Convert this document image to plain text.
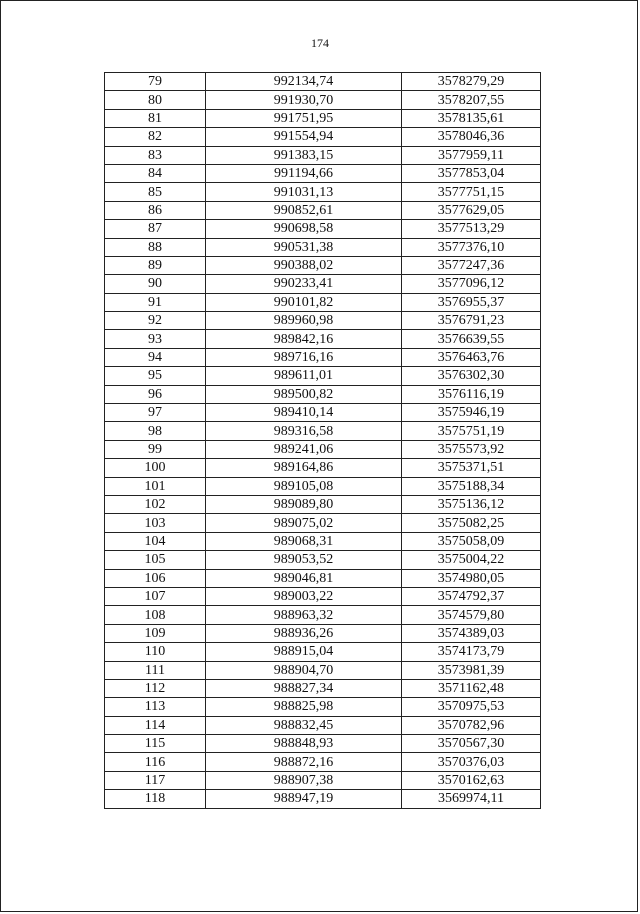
174
79	992134,74	3578279,29
80	991930,70	3578207,55
81	991751,95	3578135,61
82	991554,94	3578046,36
83	991383,15	3577959,11
84	991194,66	3577853,04
85	991031,13	3577751,15
86	990852,61	3577629,05
87	990698,58	3577513,29
88	990531,38	3577376,10
89	990388,02	3577247,36
90	990233,41	3577096,12
91	990101,82	3576955,37
92	989960,98	3576791,23
93	989842,16	3576639,55
94	989716,16	3576463,76
95	989611,01	3576302,30
96	989500,82	3576116,19
97	989410,14	3575946,19
98	989316,58	3575751,19
99	989241,06	3575573,92
100	989164,86	3575371,51
101	989105,08	3575188,34
102	989089,80	3575136,12
103	989075,02	3575082,25
104	989068,31	3575058,09
105	989053,52	3575004,22
106	989046,81	3574980,05
107	989003,22	3574792,37
108	988963,32	3574579,80
109	988936,26	3574389,03
110	988915,04	3574173,79
111	988904,70	3573981,39
112	988827,34	3571162,48
113	988825,98	3570975,53
114	988832,45	3570782,96
115	988848,93	3570567,30
116	988872,16	3570376,03
117	988907,38	3570162,63
118	988947,19	3569974,11
